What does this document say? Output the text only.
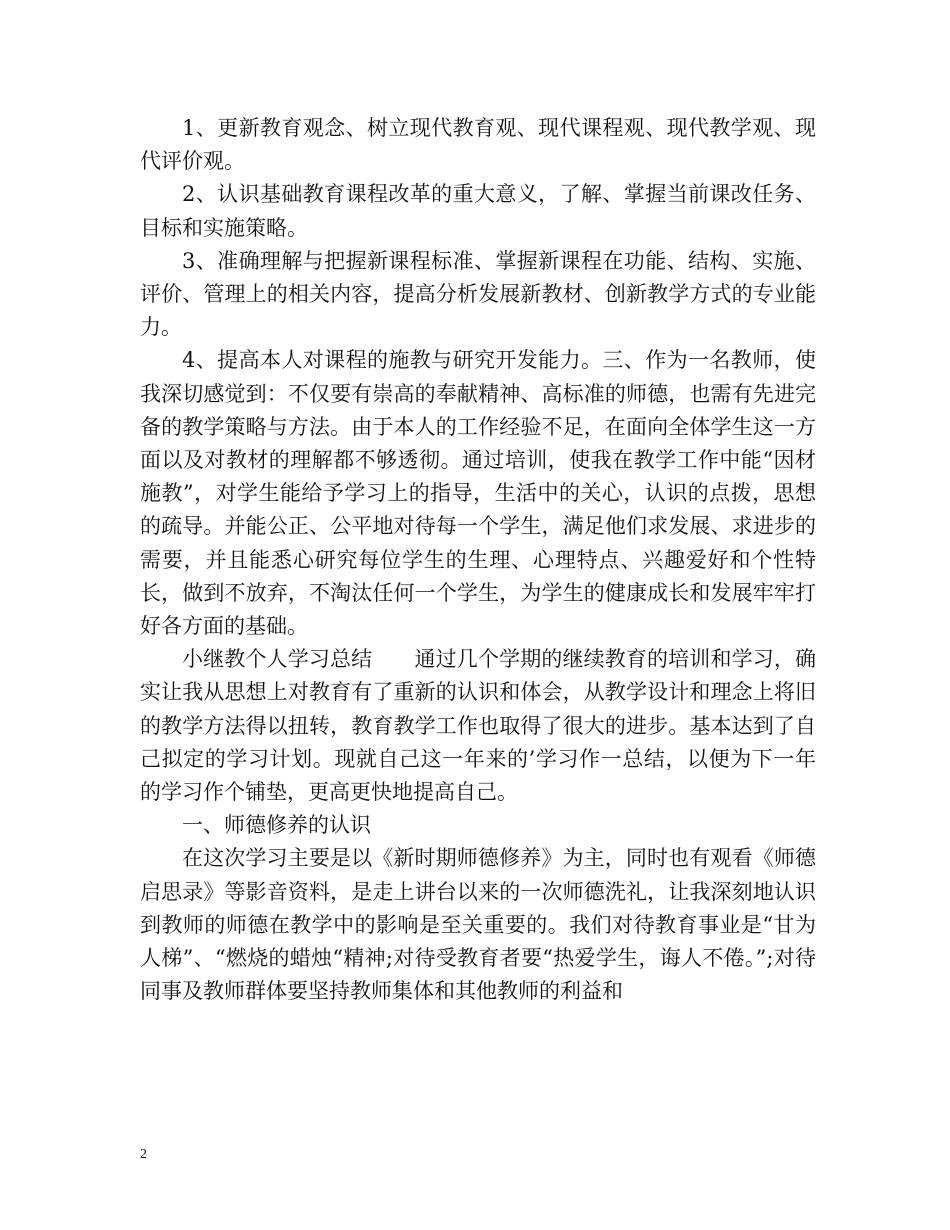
1、更新教育观念、树立现代教育观、现代课程观、现代教学观、现代评价观。

2、认识基础教育课程改革的重大意义，了解、掌握当前课改任务、目标和实施策略。

3、准确理解与把握新课程标准、掌握新课程在功能、结构、实施、评价、管理上的相关内容，提高分析发展新教材、创新教学方式的专业能力。

4、提高本人对课程的施教与研究开发能力。三、作为一名教师，使我深切感觉到：不仅要有崇高的奉献精神、高标准的师德，也需有先进完备的教学策略与方法。由于本人的工作经验不足，在面向全体学生这一方面以及对教材的理解都不够透彻。通过培训，使我在教学工作中能“因材施教”，对学生能给予学习上的指导，生活中的关心，认识的点拨，思想的疏导。并能公正、公平地对待每一个学生，满足他们求发展、求进步的需要，并且能悉心研究每位学生的生理、心理特点、兴趣爱好和个性特长，做到不放弃，不淘汰任何一个学生，为学生的健康成长和发展牢牢打好各方面的基础。

小继教个人学习总结　　通过几个学期的继续教育的培训和学习，确实让我从思想上对教育有了重新的认识和体会，从教学设计和理念上将旧的教学方法得以扭转，教育教学工作也取得了很大的进步。基本达到了自己拟定的学习计划。现就自己这一年来的’学习作一总结，以便为下一年的学习作个铺垫，更高更快地提高自己。

一、师德修养的认识

在这次学习主要是以《新时期师德修养》为主，同时也有观看《师德启思录》等影音资料，是走上讲台以来的一次师德洗礼，让我深刻地认识到教师的师德在教学中的影响是至关重要的。我们对待教育事业是“甘为人梯”、“燃烧的蜡烛“精神;对待受教育者要“热爱学生，诲人不倦。”;对待同事及教师群体要坚持教师集体和其他教师的利益和

2
